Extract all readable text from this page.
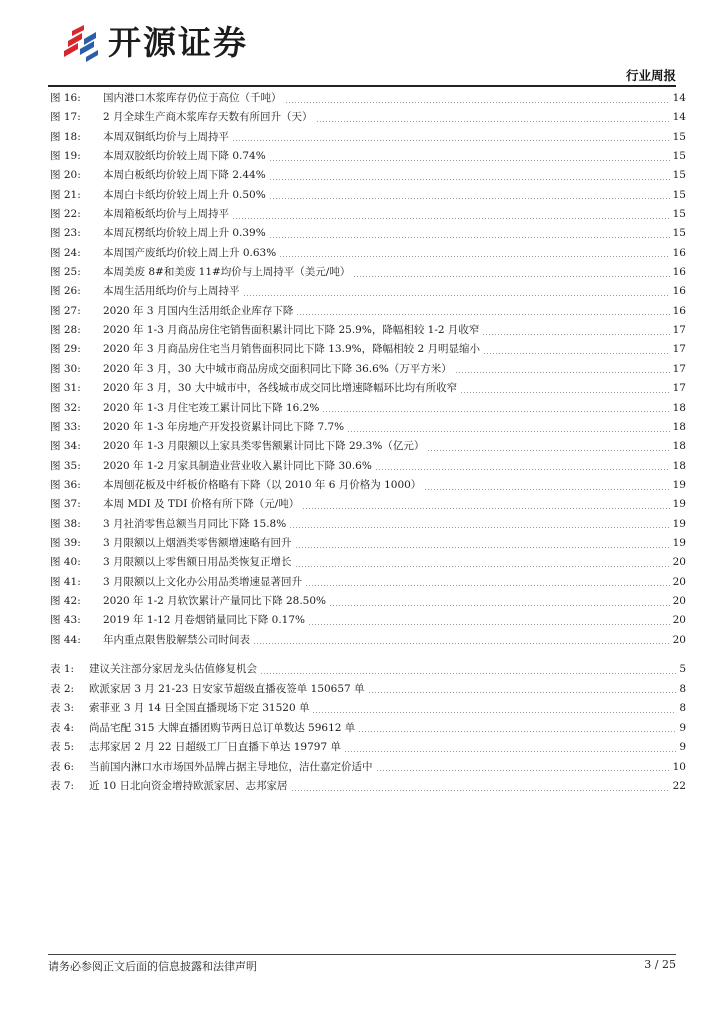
开源证券
行业周报
图 16:	国内港口木浆库存仍位于高位（千吨）	14
图 17:	2 月全球生产商木浆库存天数有所回升（天）	14
图 18:	本周双铜纸均价与上周持平	15
图 19:	本周双胶纸均价较上周下降 0.74%	15
图 20:	本周白板纸均价较上周下降 2.44%	15
图 21:	本周白卡纸均价较上周上升 0.50%	15
图 22:	本周箱板纸均价与上周持平	15
图 23:	本周瓦楞纸均价较上周上升 0.39%	15
图 24:	本周国产废纸均价较上周上升 0.63%	16
图 25:	本周美废 8#和美废 11#均价与上周持平（美元/吨）	16
图 26:	本周生活用纸均价与上周持平	16
图 27:	2020 年 3 月国内生活用纸企业库存下降	16
图 28:	2020 年 1-3 月商品房住宅销售面积累计同比下降 25.9%，降幅相较 1-2 月收窄	17
图 29:	2020 年 3 月商品房住宅当月销售面积同比下降 13.9%，降幅相较 2 月明显缩小	17
图 30:	2020 年 3 月，30 大中城市商品房成交面积同比下降 36.6%（万平方米）	17
图 31:	2020 年 3 月，30 大中城市中，各线城市成交同比增速降幅环比均有所收窄	17
图 32:	2020 年 1-3 月住宅竣工累计同比下降 16.2%	18
图 33:	2020 年 1-3 年房地产开发投资累计同比下降 7.7%	18
图 34:	2020 年 1-3 月限额以上家具类零售额累计同比下降 29.3%（亿元）	18
图 35:	2020 年 1-2 月家具制造业营业收入累计同比下降 30.6%	18
图 36:	本周刨花板及中纤板价格略有下降（以 2010 年 6 月价格为 1000）	19
图 37:	本周 MDI 及 TDI 价格有所下降（元/吨）	19
图 38:	3 月社消零售总额当月同比下降 15.8%	19
图 39:	3 月限额以上烟酒类零售额增速略有回升	19
图 40:	3 月限额以上零售额日用品类恢复正增长	20
图 41:	3 月限额以上文化办公用品类增速显著回升	20
图 42:	2020 年 1-2 月软饮累计产量同比下降 28.50%	20
图 43:	2019 年 1-12 月卷烟销量同比下降 0.17%	20
图 44:	年内重点限售股解禁公司时间表	20
表 1:	建议关注部分家居龙头估值修复机会	5
表 2:	欧派家居 3 月 21-23 日安家节超级直播夜签单 150657 单	8
表 3:	索菲亚 3 月 14 日全国直播现场下定 31520 单	8
表 4:	尚品宅配 315 大牌直播团购节两日总订单数达 59612 单	9
表 5:	志邦家居 2 月 22 日超级工厂日直播下单达 19797 单	9
表 6:	当前国内淋口水市场国外品牌占据主导地位，洁仕嘉定价适中	10
表 7:	近 10 日北向资金增持欧派家居、志邦家居	22
请务必参阅正文后面的信息披露和法律声明	3 / 25
